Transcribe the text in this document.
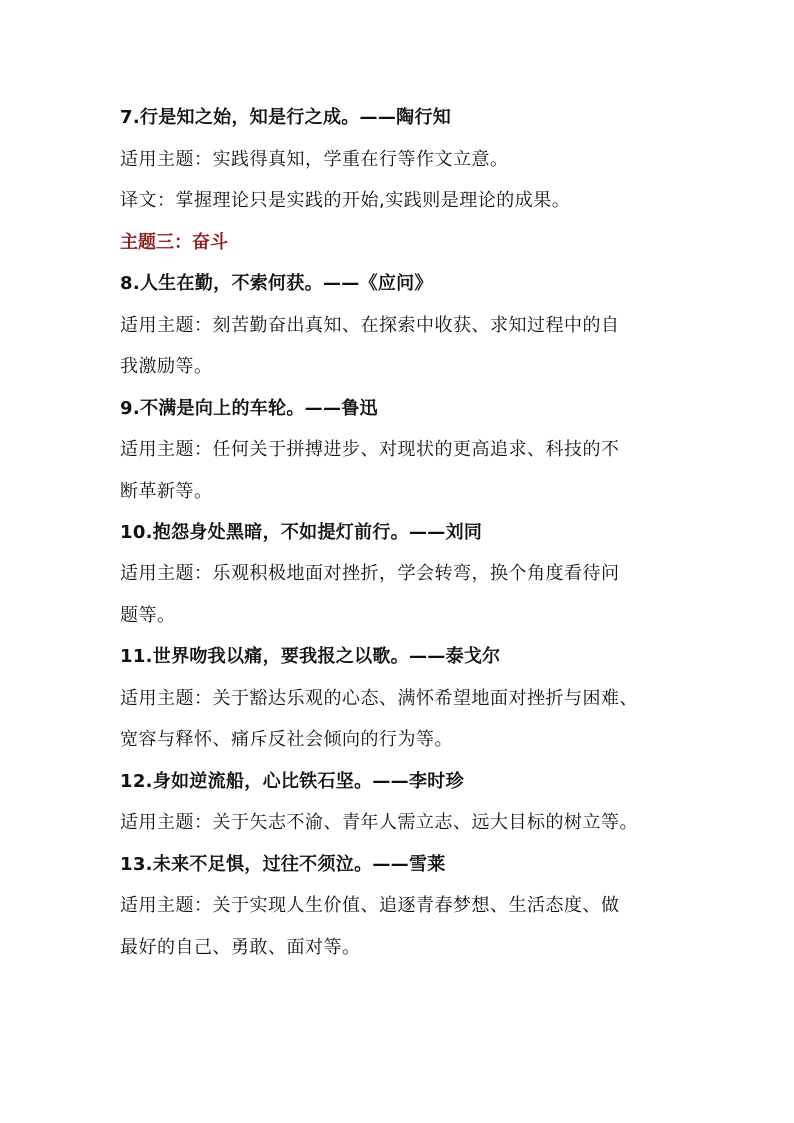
7.行是知之始，知是行之成。——陶行知
适用主题：实践得真知，学重在行等作文立意。
译文：掌握理论只是实践的开始,实践则是理论的成果。
主题三：奋斗
8.人生在勤，不索何获。——《应问》
适用主题：刻苦勤奋出真知、在探索中收获、求知过程中的自
我激励等。
9.不满是向上的车轮。——鲁迅
适用主题：任何关于拼搏进步、对现状的更高追求、科技的不
断革新等。
10.抱怨身处黑暗，不如提灯前行。——刘同
适用主题：乐观积极地面对挫折，学会转弯，换个角度看待问
题等。
11.世界吻我以痛，要我报之以歌。——泰戈尔
适用主题：关于豁达乐观的心态、满怀希望地面对挫折与困难、
宽容与释怀、痛斥反社会倾向的行为等。
12.身如逆流船，心比铁石坚。——李时珍
适用主题：关于矢志不渝、青年人需立志、远大目标的树立等。
13.未来不足惧，过往不须泣。——雪莱
适用主题：关于实现人生价值、追逐青春梦想、生活态度、做
最好的自己、勇敢、面对等。
